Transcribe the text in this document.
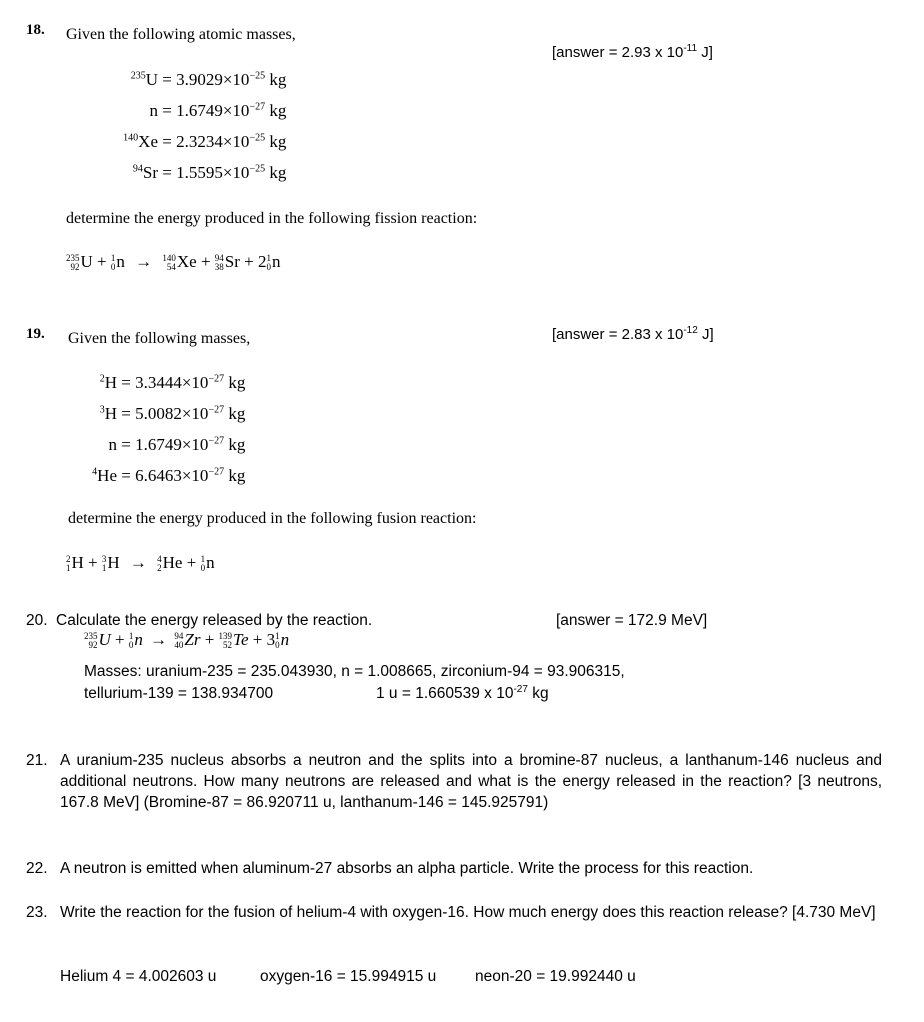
18. Given the following atomic masses,
[answer = 2.93 x $10^{-11}$ J]
$^{235}U = 3.9029\times 10^{-25}$ kg
$n = 1.6749\times 10^{-27}$ kg
$^{140}Xe = 2.3234\times 10^{-25}$ kg
$^{94}Sr = 1.5595\times 10^{-25}$ kg
determine the energy produced in the following fission reaction:
235
92 U + 1
0 n → 140
54 Xe + 94
38 Sr + 2 1
0 n
19. Given the following masses,	[answer = 2.83 x $10^{-12}$ J]
$^2H = 3.3444\times 10^{-27}$ kg
$^3H = 5.0082\times 10^{-27}$ kg
$n = 1.6749\times 10^{-27}$ kg
$^4He = 6.6463\times 10^{-27}$ kg
determine the energy produced in the following fusion reaction:
2
1 H + 3
1 H → 4
2 He + 1
0 n
20. Calculate the energy released by the reaction.	[answer = 172.9 MeV]
235
92 U + 1
0 n → 94
40 Zr + 139
52 Te + 3 1
0 n
Masses: uranium-235 = 235.043930, n = 1.008665, zirconium-94 = 93.906315,
tellurium-139 = 138.934700	1 u = 1.660539 x $10^{-27}$ kg
21. A uranium-235 nucleus absorbs a neutron and the splits into a bromine-87 nucleus, a lanthanum-146 nucleus and additional neutrons. How many neutrons are released and what is the energy released in the reaction? [3 neutrons, 167.8 MeV] (Bromine-87 = 86.920711 u, lanthanum-146 = 145.925791)
22. A neutron is emitted when aluminum-27 absorbs an alpha particle. Write the process for this reaction.
23. Write the reaction for the fusion of helium-4 with oxygen-16. How much energy does this reaction release? [4.730 MeV]
Helium 4 = 4.002603 u	oxygen-16 = 15.994915 u	neon-20 = 19.992440 u
